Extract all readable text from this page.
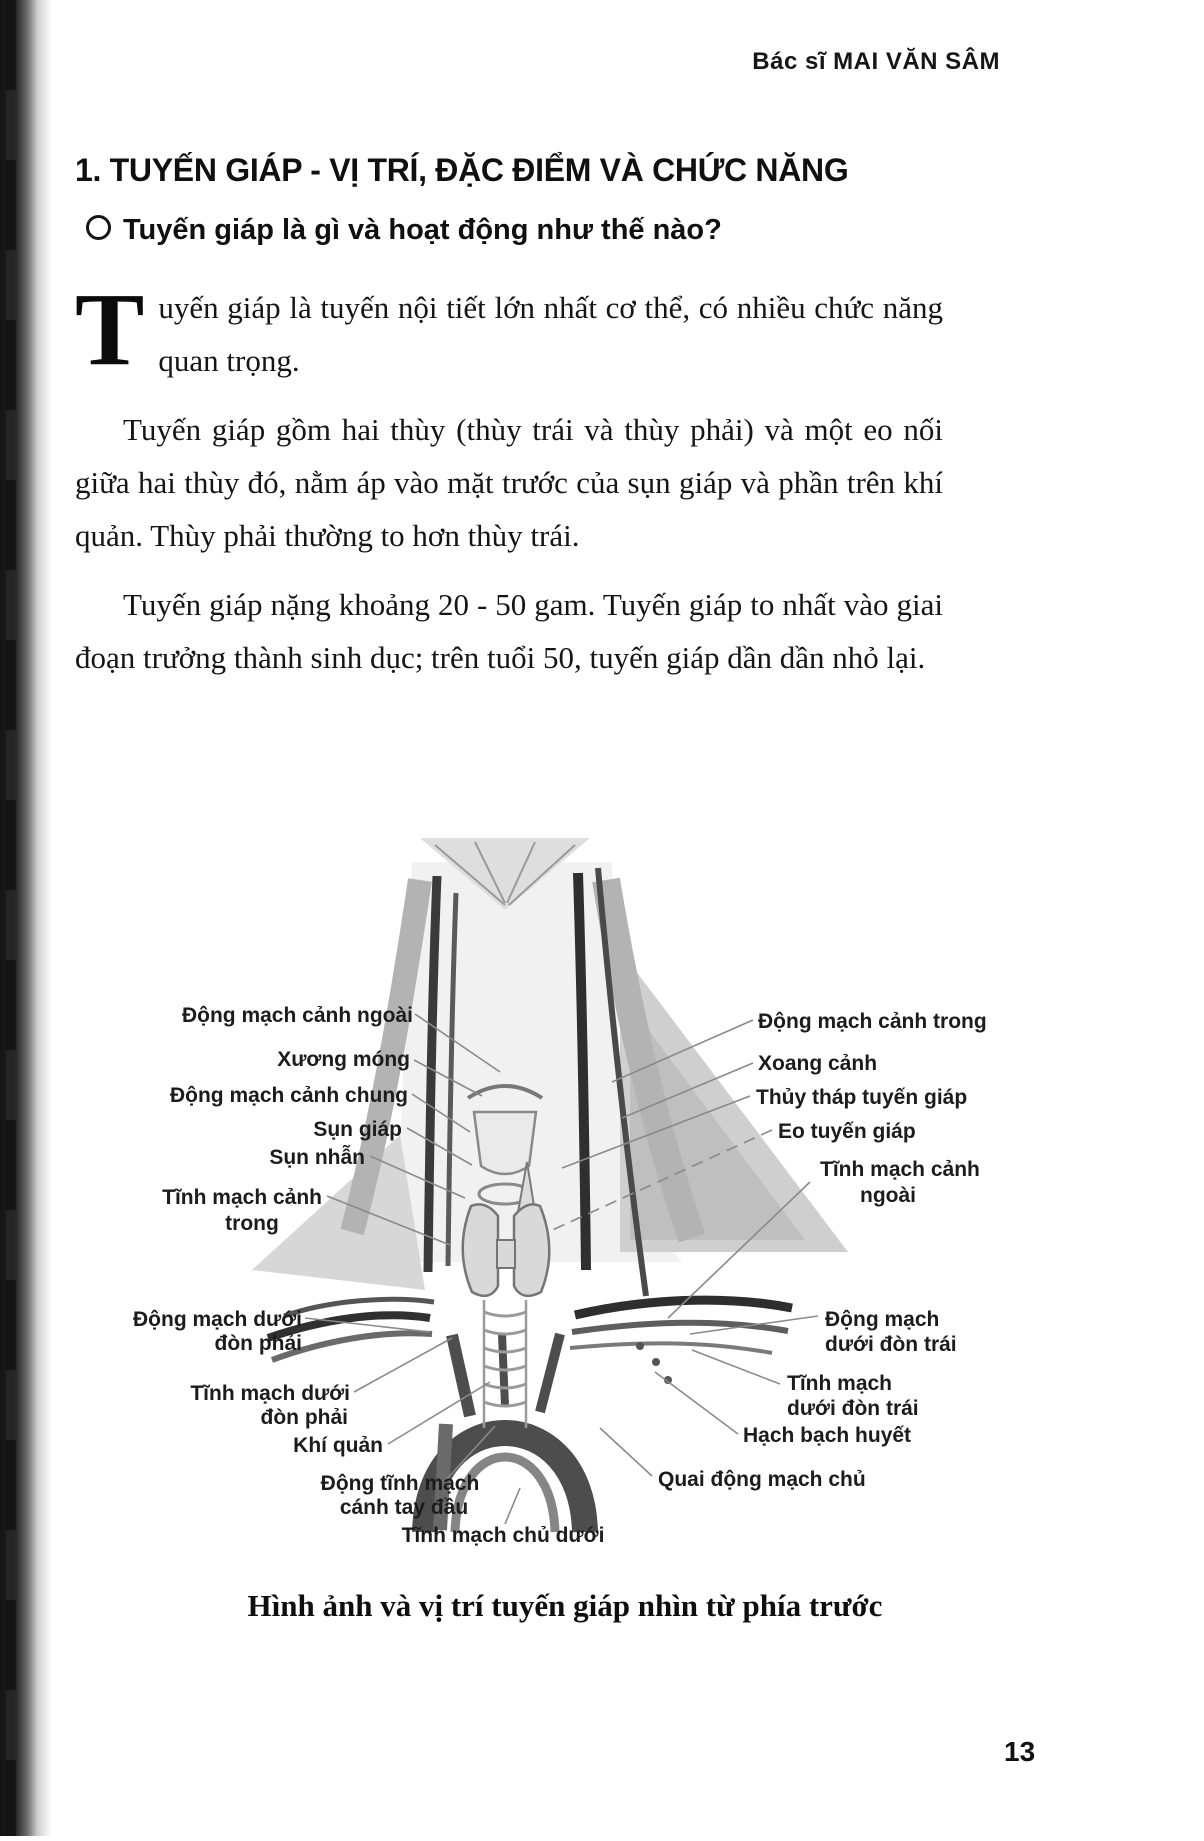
Bác sĩ MAI VĂN SÂM
1. TUYẾN GIÁP - VỊ TRÍ, ĐẶC ĐIỂM VÀ CHỨC NĂNG
Tuyến giáp là gì và hoạt động như thế nào?

Tuyến giáp là tuyến nội tiết lớn nhất cơ thể, có nhiều chức năng quan trọng.

Tuyến giáp gồm hai thùy (thùy trái và thùy phải) và một eo nối giữa hai thùy đó, nằm áp vào mặt trước của sụn giáp và phần trên khí quản. Thùy phải thường to hơn thùy trái.

Tuyến giáp nặng khoảng 20 - 50 gam. Tuyến giáp to nhất vào giai đoạn trưởng thành sinh dục; trên tuổi 50, tuyến giáp dần dần nhỏ lại.

Động mạch cảnh ngoài
Xương móng
Động mạch cảnh chung
Sụn giáp
Sụn nhẫn
Tĩnh mạch cảnh
trong
Động mạch dưới
đòn phải
Tĩnh mạch dưới
đòn phải
Khí quản
Động tĩnh mạch
cánh tay đầu
Tĩnh mạch chủ dưới
Động mạch cảnh trong
Xoang cảnh
Thủy tháp tuyến giáp
Eo tuyến giáp
Tĩnh mạch cảnh
ngoài
Động mạch
dưới đòn trái
Tĩnh mạch
dưới đòn trái
Hạch bạch huyết
Quai động mạch chủ
Hình ảnh và vị trí tuyến giáp nhìn từ phía trước
13
